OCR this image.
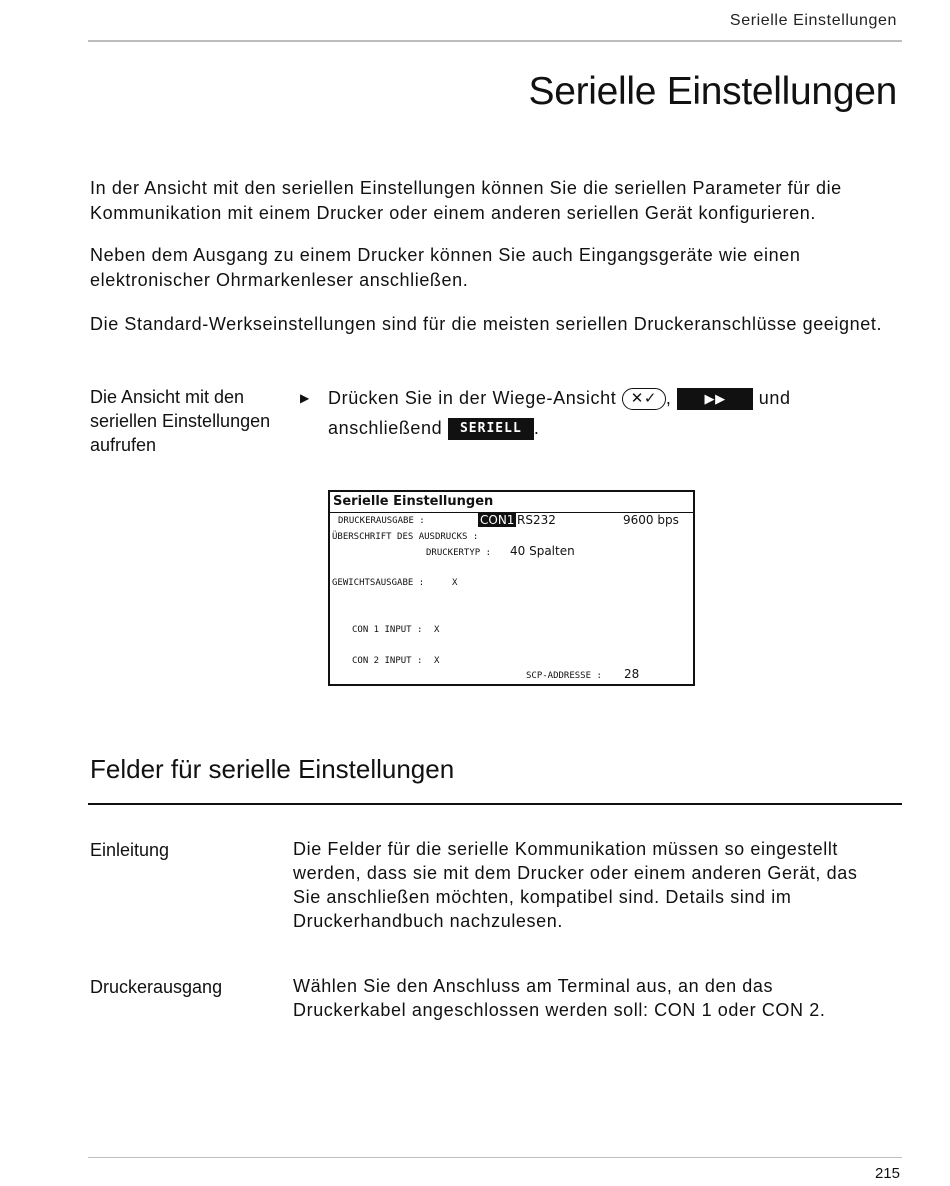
Serielle Einstellungen
Serielle Einstellungen

In der Ansicht mit den seriellen Einstellungen können Sie die seriellen Parameter für die Kommunikation mit einem Drucker oder einem anderen seriellen Gerät konfigurieren.

Neben dem Ausgang zu einem Drucker können Sie auch Eingangsgeräte wie einen elektronischer Ohrmarkenleser anschließen.

Die Standard-Werkseinstellungen sind für die meisten seriellen Druckeranschlüsse geeignet.

Die Ansicht mit den seriellen Einstellungen aufrufen

▶ Drücken Sie in der Wiege-Ansicht ✕✓ , ▶▶ und
anschließend SERIELL .
Serielle Einstellungen
DRUCKERAUSGABE :	CON1 RS232	9600 bps
ÜBERSCHRIFT DES AUSDRUCKS :
DRUCKERTYP : 40 Spalten
GEWICHTSAUSGABE :	X
CON 1 INPUT : X
CON 2 INPUT : X
SCP-ADDRESSE : 28
Felder für serielle Einstellungen

Einleitung	Die Felder für die serielle Kommunikation müssen so eingestellt werden, dass sie mit dem Drucker oder einem anderen Gerät, das Sie anschließen möchten, kompatibel sind. Details sind im Druckerhandbuch nachzulesen.

Druckerausgang	Wählen Sie den Anschluss am Terminal aus, an den das Druckerkabel angeschlossen werden soll: CON 1 oder CON 2.

215
